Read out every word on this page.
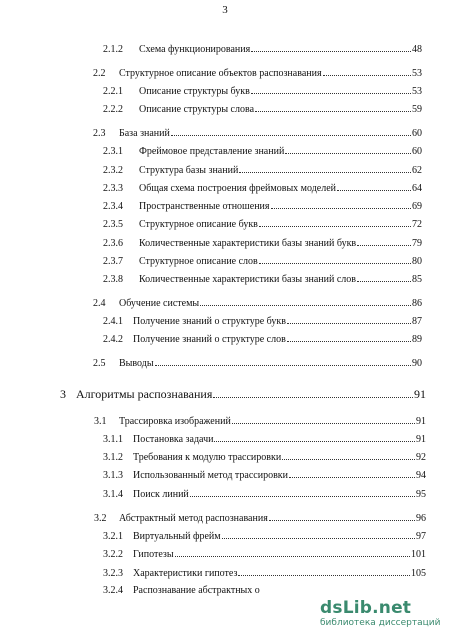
3
2.1.2	Схема функционирования	48
2.2	Структурное описание объектов распознавания	53
2.2.1	Описание структуры букв	53
2.2.2	Описание структуры слова	59
2.3	База знаний	60
2.3.1	Фреймовое представление знаний	60
2.3.2	Структура базы знаний	62
2.3.3	Общая схема построения фреймовых моделей	64
2.3.4	Пространственные отношения	69
2.3.5	Структурное описание букв	72
2.3.6	Количественные характеристики базы знаний букв	79
2.3.7	Структурное описание слов	80
2.3.8	Количественные характеристики базы знаний слов	85
2.4	Обучение системы	86
2.4.1	Получение знаний о структуре букв	87
2.4.2	Получение знаний о структуре слов	89
2.5	Выводы	90
3 Алгоритмы распознавания	91
3.1	Трассировка изображений	91
3.1.1	Постановка задачи	91
3.1.2	Требования к модулю трассировки	92
3.1.3	Использованный метод трассировки	94
3.1.4	Поиск линий	95
3.2	Абстрактный метод распознавания	96
3.2.1	Виртуальный фрейм	97
3.2.2	Гипотезы	101
3.2.3	Характеристики гипотез	105
3.2.4	Распознавание абстрактных о
dsLib.net
библиотека диссертаций
